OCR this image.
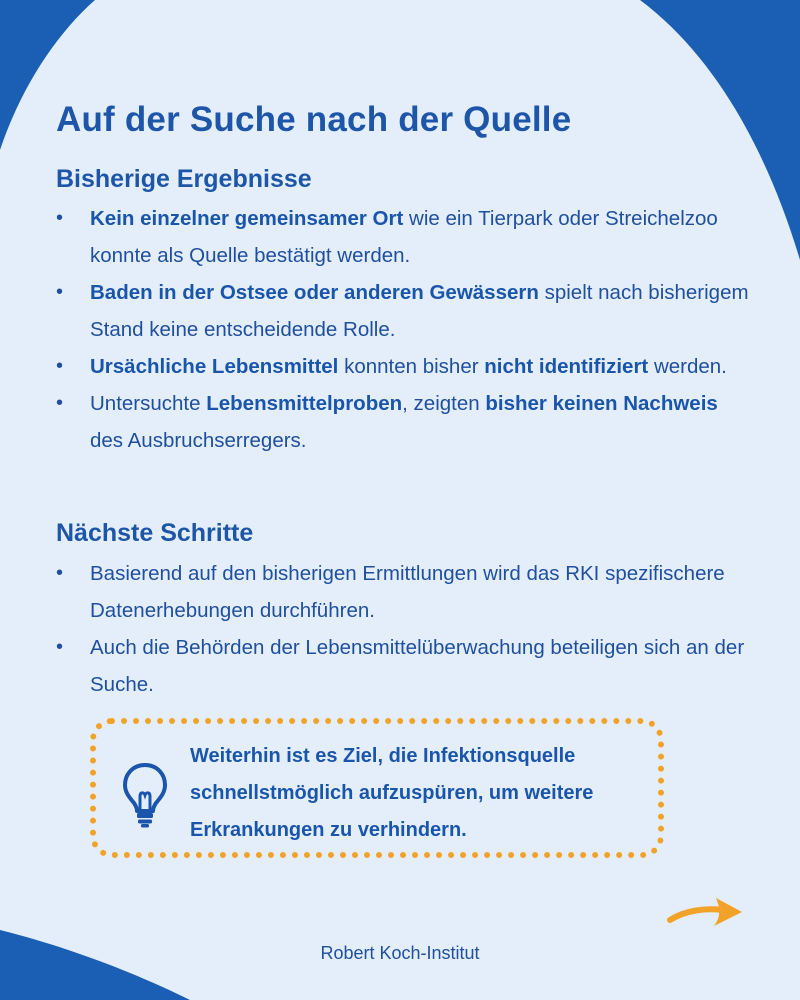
Auf der Suche nach der Quelle
Bisherige Ergebnisse
• Kein einzelner gemeinsamer Ort wie ein Tierpark oder Streichelzoo konnte als Quelle bestätigt werden.
• Baden in der Ostsee oder anderen Gewässern spielt nach bisherigem Stand keine entscheidende Rolle.
• Ursächliche Lebensmittel konnten bisher nicht identifiziert werden.
• Untersuchte Lebensmittelproben, zeigten bisher keinen Nachweis des Ausbruchserregers.
Nächste Schritte
• Basierend auf den bisherigen Ermittlungen wird das RKI spezifischere Datenerhebungen durchführen.
• Auch die Behörden der Lebensmittelüberwachung beteiligen sich an der Suche.

Weiterhin ist es Ziel, die Infektionsquelle schnellstmöglich aufzuspüren, um weitere Erkrankungen zu verhindern.

Robert Koch-Institut
